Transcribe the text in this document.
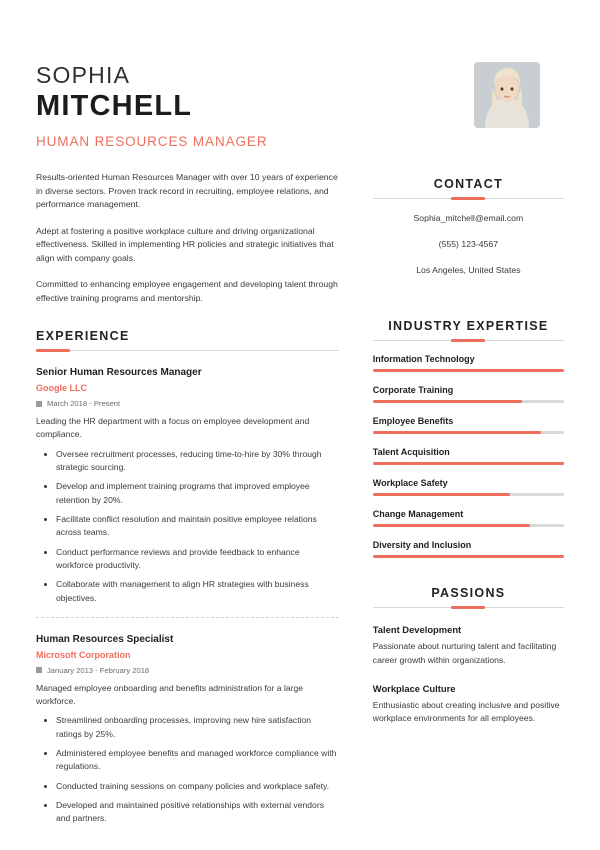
SOPHIA
MITCHELL
HUMAN RESOURCES MANAGER

Results-oriented Human Resources Manager with over 10 years of experience in diverse sectors. Proven track record in recruiting, employee relations, and performance management.

Adept at fostering a positive workplace culture and driving organizational effectiveness. Skilled in implementing HR policies and strategic initiatives that align with company goals.

Committed to enhancing employee engagement and developing talent through effective training programs and mentorship.

EXPERIENCE
Senior Human Resources Manager
Google LLC
March 2018 - Present
Leading the HR department with a focus on employee development and compliance.
• Oversee recruitment processes, reducing time-to-hire by 30% through strategic sourcing.
• Develop and implement training programs that improved employee retention by 20%.
• Facilitate conflict resolution and maintain positive employee relations across teams.
• Conduct performance reviews and provide feedback to enhance workforce productivity.
• Collaborate with management to align HR strategies with business objectives.
Human Resources Specialist
Microsoft Corporation
January 2013 - February 2018
Managed employee onboarding and benefits administration for a large workforce.
• Streamlined onboarding processes, improving new hire satisfaction ratings by 25%.
• Administered employee benefits and managed workforce compliance with regulations.
• Conducted training sessions on company policies and workplace safety.
• Developed and maintained positive relationships with external vendors and partners.
CONTACT
Sophia_mitchell@email.com
(555) 123-4567
Los Angeles, United States
INDUSTRY EXPERTISE
Information Technology
Corporate Training
Employee Benefits
Talent Acquisition
Workplace Safety
Change Management
Diversity and Inclusion
PASSIONS
Talent Development
Passionate about nurturing talent and facilitating career growth within organizations.
Workplace Culture
Enthusiastic about creating inclusive and positive workplace environments for all employees.
